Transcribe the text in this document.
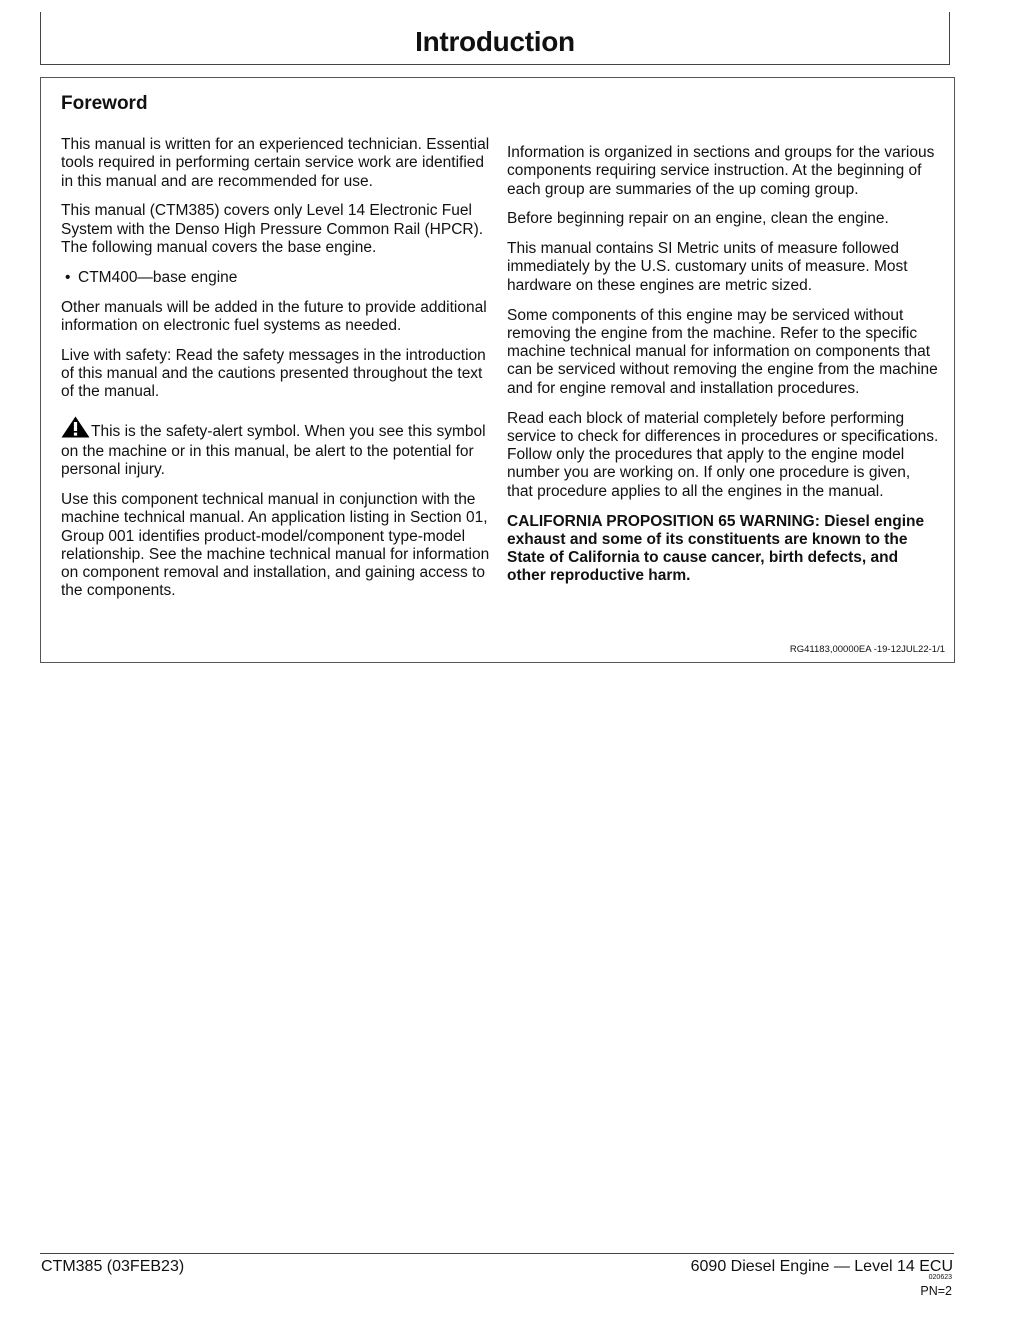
Introduction
Foreword

This manual is written for an experienced technician. Essential tools required in performing certain service work are identified in this manual and are recommended for use.

This manual (CTM385) covers only Level 14 Electronic Fuel System with the Denso High Pressure Common Rail (HPCR). The following manual covers the base engine.

• CTM400—base engine

Other manuals will be added in the future to provide additional information on electronic fuel systems as needed.

Live with safety: Read the safety messages in the introduction of this manual and the cautions presented throughout the text of the manual.

This is the safety-alert symbol. When you see this symbol on the machine or in this manual, be alert to the potential for personal injury.

Use this component technical manual in conjunction with the machine technical manual. An application listing in Section 01, Group 001 identifies product-model/component type-model relationship. See the machine technical manual for information on component removal and installation, and gaining access to the components.

Information is organized in sections and groups for the various components requiring service instruction. At the beginning of each group are summaries of the up coming group.

Before beginning repair on an engine, clean the engine.

This manual contains SI Metric units of measure followed immediately by the U.S. customary units of measure. Most hardware on these engines are metric sized.

Some components of this engine may be serviced without removing the engine from the machine. Refer to the specific machine technical manual for information on components that can be serviced without removing the engine from the machine and for engine removal and installation procedures.

Read each block of material completely before performing service to check for differences in procedures or specifications. Follow only the procedures that apply to the engine model number you are working on. If only one procedure is given, that procedure applies to all the engines in the manual.

CALIFORNIA PROPOSITION 65 WARNING: Diesel engine exhaust and some of its constituents are known to the State of California to cause cancer, birth defects, and other reproductive harm.

RG41183,00000EA -19-12JUL22-1/1
CTM385 (03FEB23)	6090 Diesel Engine — Level 14 ECU
020623
PN=2
